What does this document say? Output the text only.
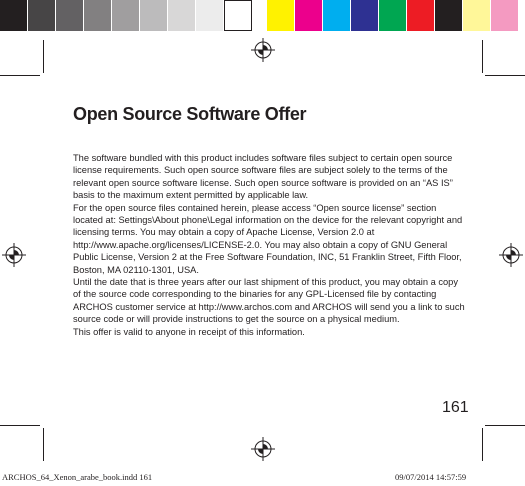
Open Source Software Offer

The software bundled with this product includes software files subject to certain open source license requirements. Such open source software files are subject solely to the terms of the relevant open source software license. Such open source software is provided on an “AS IS” basis to the maximum extent permitted by applicable law.

For the open source files contained herein, please access “Open source license” section located at: Settings\About phone\Legal information on the device for the relevant copyright and licensing terms. You may obtain a copy of Apache License, Version 2.0 at http://www.apache.org/licenses/LICENSE-2.0. You may also obtain a copy of GNU General Public License, Version 2 at the Free Software Foundation, INC, 51 Franklin Street, Fifth Floor, Boston, MA 02110-1301, USA.

Until the date that is three years after our last shipment of this product, you may obtain a copy of the source code corresponding to the binaries for any GPL-Licensed file by contacting ARCHOS customer service at http://www.archos.com and ARCHOS will send you a link to such source code or will provide instructions to get the source on a physical medium.

This offer is valid to anyone in receipt of this information.

161
ARCHOS_64_Xenon_arabe_book.indd 161	09/07/2014 14:57:59
